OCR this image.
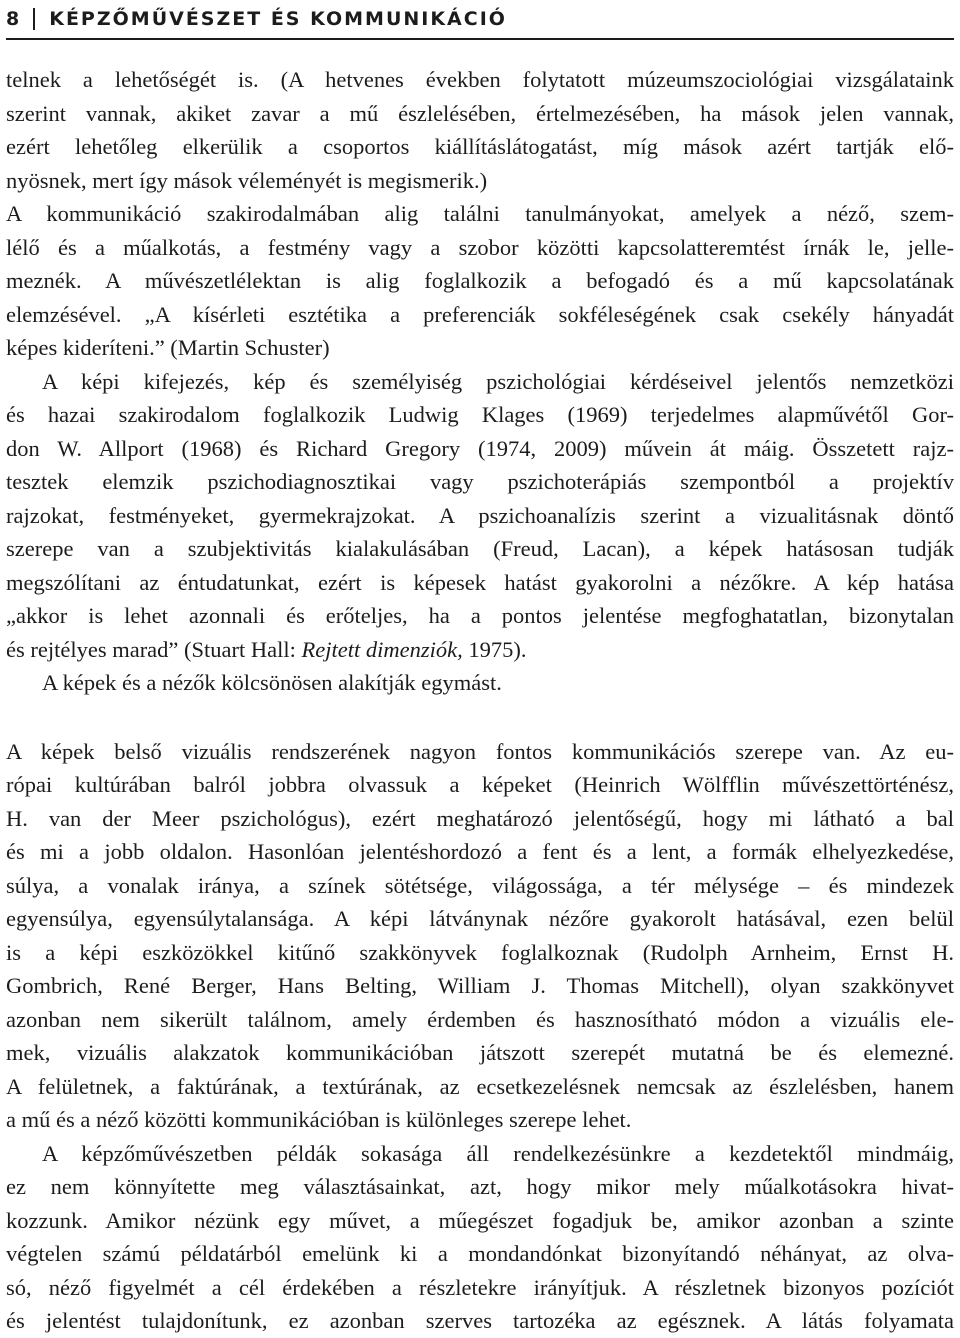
8	KÉPZŐMŰVÉSZET ÉS KOMMUNIKÁCIÓ
telnek a lehetőségét is. (A hetvenes években folytatott múzeumszociológiai vizsgálataink
szerint vannak, akiket zavar a mű észlelésében, értelmezésében, ha mások jelen vannak,
ezért lehetőleg elkerülik a csoportos kiállításlátogatást, míg mások azért tartják elő-
nyösnek, mert így mások véleményét is megismerik.)
A kommunikáció szakirodalmában alig találni tanulmányokat, amelyek a néző, szem-
lélő és a műalkotás, a festmény vagy a szobor közötti kapcsolatteremtést írnák le, jelle-
meznék. A művészetlélektan is alig foglalkozik a befogadó és a mű kapcsolatának
elemzésével. „A kísérleti esztétika a preferenciák sokféleségének csak csekély hányadát
képes kideríteni.” (Martin Schuster)
A képi kifejezés, kép és személyiség pszichológiai kérdéseivel jelentős nemzetközi
és hazai szakirodalom foglalkozik Ludwig Klages (1969) terjedelmes alapművétől Gor-
don W. Allport (1968) és Richard Gregory (1974, 2009) művein át máig. Összetett rajz-
tesztek elemzik pszichodiagnosztikai vagy pszichoterápiás szempontból a projektív
rajzokat, festményeket, gyermekrajzokat. A pszichoanalízis szerint a vizualitásnak döntő
szerepe van a szubjektivitás kialakulásában (Freud, Lacan), a képek hatásosan tudják
megszólítani az éntudatunkat, ezért is képesek hatást gyakorolni a nézőkre. A kép hatása
„akkor is lehet azonnali és erőteljes, ha a pontos jelentése megfoghatatlan, bizonytalan
és rejtélyes marad” (Stuart Hall: Rejtett dimenziók, 1975).
A képek és a nézők kölcsönösen alakítják egymást.
A képek belső vizuális rendszerének nagyon fontos kommunikációs szerepe van. Az eu-
rópai kultúrában balról jobbra olvassuk a képeket (Heinrich Wölfflin művészettörténész,
H. van der Meer pszichológus), ezért meghatározó jelentőségű, hogy mi látható a bal
és mi a jobb oldalon. Hasonlóan jelentéshordozó a fent és a lent, a formák elhelyezkedése,
súlya, a vonalak iránya, a színek sötétsége, világossága, a tér mélysége – és mindezek
egyensúlya, egyensúlytalansága. A képi látványnak nézőre gyakorolt hatásával, ezen belül
is a képi eszközökkel kitűnő szakkönyvek foglalkoznak (Rudolph Arnheim, Ernst H.
Gombrich, René Berger, Hans Belting, William J. Thomas Mitchell), olyan szakkönyvet
azonban nem sikerült találnom, amely érdemben és hasznosítható módon a vizuális ele-
mek, vizuális alakzatok kommunikációban játszott szerepét mutatná be és elemezné.
A felületnek, a faktúrának, a textúrának, az ecsetkezelésnek nemcsak az észlelésben, hanem
a mű és a néző közötti kommunikációban is különleges szerepe lehet.
A képzőművészetben példák sokasága áll rendelkezésünkre a kezdetektől mindmáig,
ez nem könnyítette meg választásainkat, azt, hogy mikor mely műalkotásokra hivat-
kozzunk. Amikor nézünk egy művet, a műegészet fogadjuk be, amikor azonban a szinte
végtelen számú példatárból emelünk ki a mondandónkat bizonyítandó néhányat, az olva-
só, néző figyelmét a cél érdekében a részletekre irányítjuk. A részletnek bizonyos pozíciót
és jelentést tulajdonítunk, ez azonban szerves tartozéka az egésznek. A látás folyamata
